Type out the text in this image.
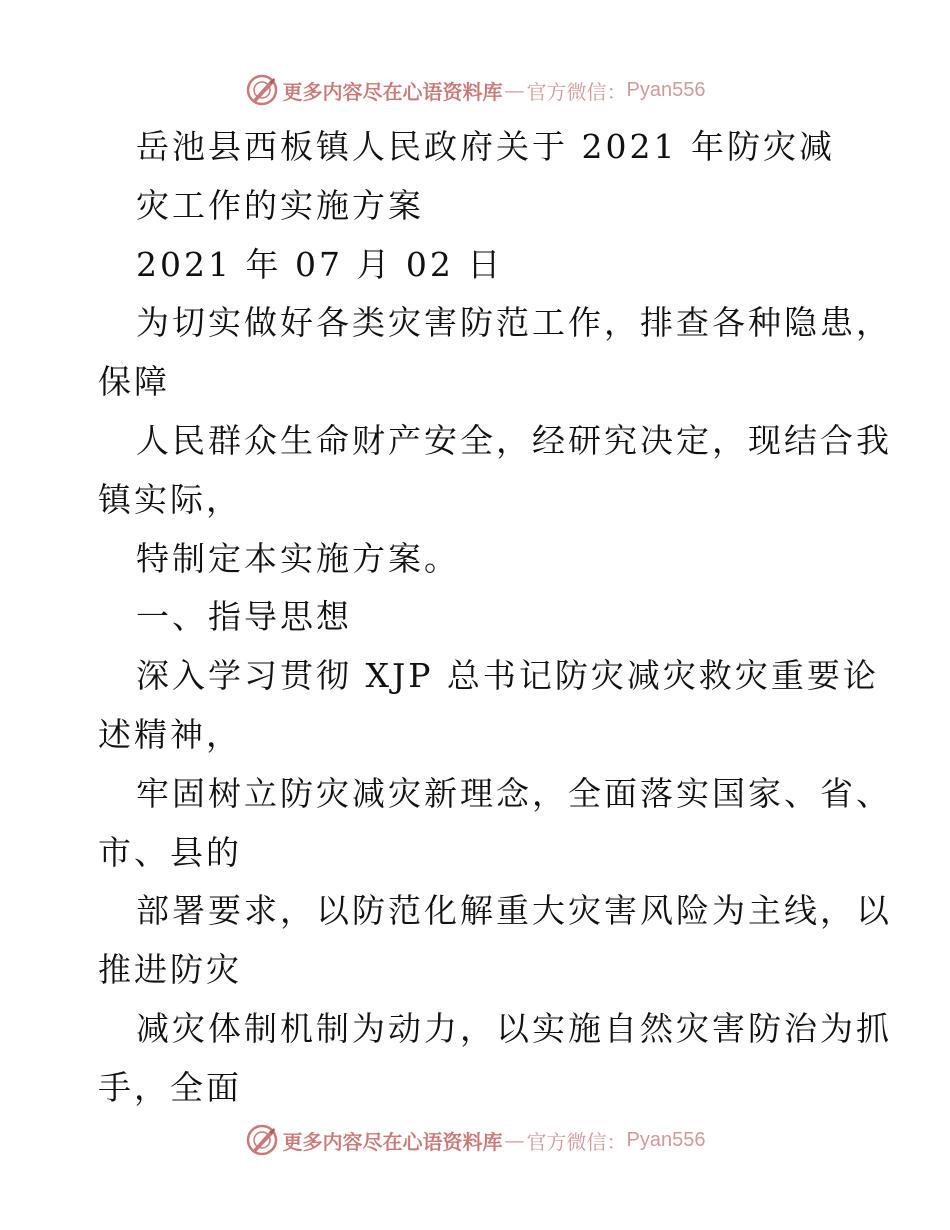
更多内容尽在心语资料库 — 官方微信： Pyan556
岳池县西板镇人民政府关于 2021 年防灾减
灾工作的实施方案
2021 年 07 月 02 日
为切实做好各类灾害防范工作，排查各种隐患，
保障
人民群众生命财产安全，经研究决定，现结合我
镇实际，
特制定本实施方案。
一、指导思想
深入学习贯彻 XJP 总书记防灾减灾救灾重要论
述精神，
牢固树立防灾减灾新理念，全面落实国家、省、
市、县的
部署要求，以防范化解重大灾害风险为主线，以
推进防灾
减灾体制机制为动力，以实施自然灾害防治为抓
手，全面
更多内容尽在心语资料库 — 官方微信： Pyan556
